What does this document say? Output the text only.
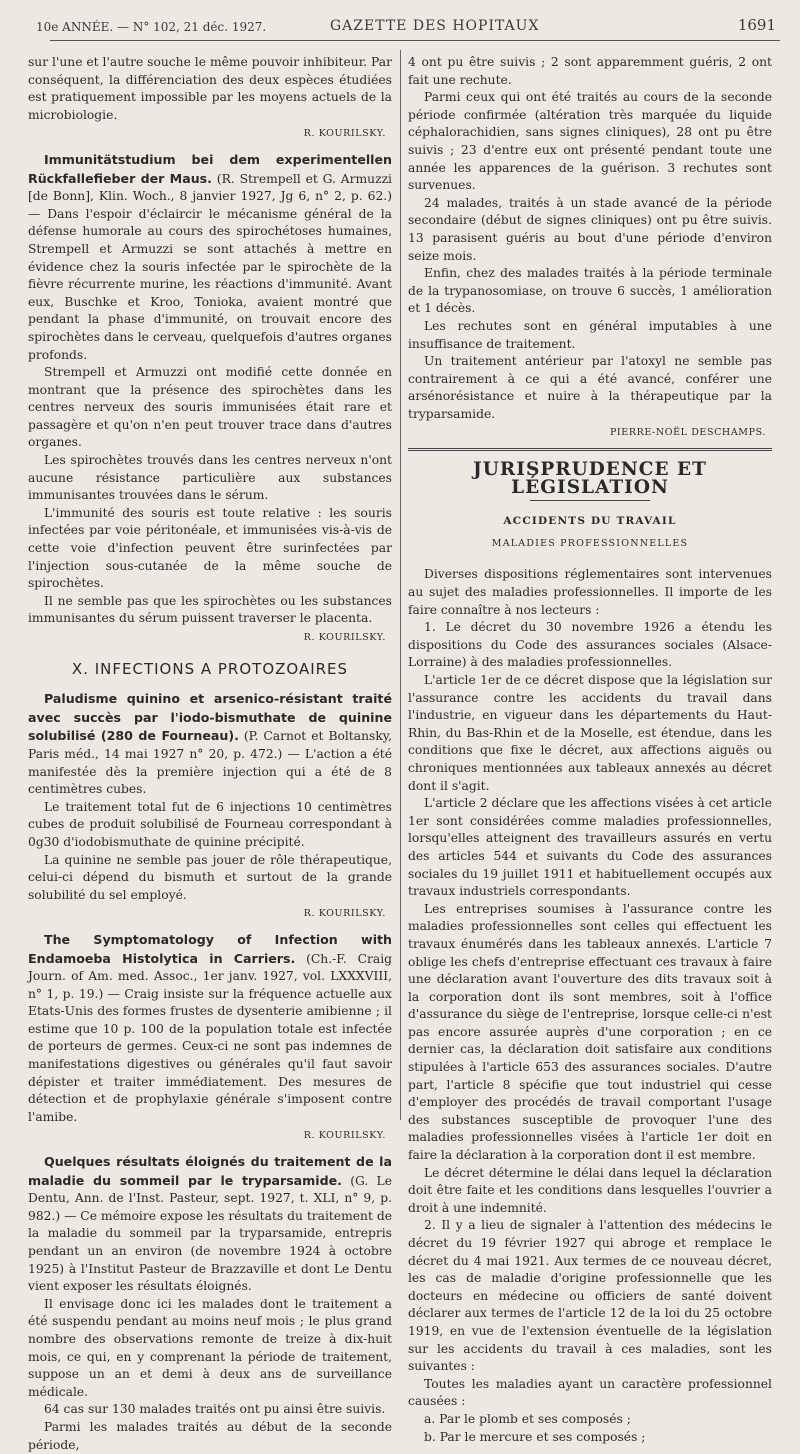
10e ANNÉE. — N° 102, 21 déc. 1927.	GAZETTE DES HOPITAUX	1691

sur l'une et l'autre souche le même pouvoir inhibiteur. Par conséquent, la différenciation des deux espèces étudiées est pratiquement impossible par les moyens actuels de la microbiologie.

R. KOURILSKY.

Immunitätstudium bei dem experimentellen Rückfallefieber der Maus. (R. Strempell et G. Armuzzi [de Bonn], Klin. Woch., 8 janvier 1927, Jg 6, n° 2, p. 62.) — Dans l'espoir d'éclaircir le mécanisme général de la défense humorale au cours des spirochétoses humaines, Strempell et Armuzzi se sont attachés à mettre en évidence chez la souris infectée par le spirochète de la fièvre récurrente murine, les réactions d'immunité. Avant eux, Buschke et Kroo, Tonioka, avaient montré que pendant la phase d'immunité, on trouvait encore des spirochètes dans le cerveau, quelquefois d'autres organes profonds.

Strempell et Armuzzi ont modifié cette donnée en montrant que la présence des spirochètes dans les centres nerveux des souris immunisées était rare et passagère et qu'on n'en peut trouver trace dans d'autres organes.

Les spirochètes trouvés dans les centres nerveux n'ont aucune résistance particulière aux substances immunisantes trouvées dans le sérum.

L'immunité des souris est toute relative : les souris infectées par voie péritonéale, et immunisées vis-à-vis de cette voie d'infection peuvent être surinfectées par l'injection sous-cutanée de la même souche de spirochètes.

Il ne semble pas que les spirochètes ou les substances immunisantes du sérum puissent traverser le placenta.

R. KOURILSKY.
X. INFECTIONS A PROTOZOAIRES

Paludisme quinino et arsenico-résistant traité avec succès par l'iodo-bismuthate de quinine solubilisé (280 de Fourneau). (P. Carnot et Boltansky, Paris méd., 14 mai 1927 n° 20, p. 472.) — L'action a été manifestée dès la première injection qui a été de 8 centimètres cubes.

Le traitement total fut de 6 injections 10 centimètres cubes de produit solubilisé de Fourneau correspondant à 0g30 d'iodobismuthate de quinine précipité.

La quinine ne semble pas jouer de rôle thérapeutique, celui-ci dépend du bismuth et surtout de la grande solubilité du sel employé.

R. KOURILSKY.

The Symptomatology of Infection with Endamoeba Histolytica in Carriers. (Ch.-F. Craig Journ. of Am. med. Assoc., 1er janv. 1927, vol. LXXXVIII, n° 1, p. 19.) — Craig insiste sur la fréquence actuelle aux Etats-Unis des formes frustes de dysenterie amibienne ; il estime que 10 p. 100 de la population totale est infectée de porteurs de germes. Ceux-ci ne sont pas indemnes de manifestations digestives ou générales qu'il faut savoir dépister et traiter immédiatement. Des mesures de détection et de prophylaxie générale s'imposent contre l'amibe.

R. KOURILSKY.

Quelques résultats éloignés du traitement de la maladie du sommeil par le tryparsamide. (G. Le Dentu, Ann. de l'Inst. Pasteur, sept. 1927, t. XLI, n° 9, p. 982.) — Ce mémoire expose les résultats du traitement de la maladie du sommeil par la tryparsamide, entrepris pendant un an environ (de novembre 1924 à octobre 1925) à l'Institut Pasteur de Brazzaville et dont Le Dentu vient exposer les résultats éloignés.

Il envisage donc ici les malades dont le traitement a été suspendu pendant au moins neuf mois ; le plus grand nombre des observations remonte de treize à dix-huit mois, ce qui, en y comprenant la période de traitement, suppose un an et demi à deux ans de surveillance médicale.

64 cas sur 130 malades traités ont pu ainsi être suivis.

Parmi les malades traités au début de la seconde période,

4 ont pu être suivis ; 2 sont apparemment guéris, 2 ont fait une rechute.

Parmi ceux qui ont été traités au cours de la seconde période confirmée (altération très marquée du liquide céphalorachidien, sans signes cliniques), 28 ont pu être suivis ; 23 d'entre eux ont présenté pendant toute une année les apparences de la guérison. 3 rechutes sont survenues.

24 malades, traités à un stade avancé de la période secondaire (début de signes cliniques) ont pu être suivis. 13 parasisent guéris au bout d'une période d'environ seize mois.

Enfin, chez des malades traités à la période terminale de la trypanosomiase, on trouve 6 succès, 1 amélioration et 1 décès.

Les rechutes sont en général imputables à une insuffisance de traitement.

Un traitement antérieur par l'atoxyl ne semble pas contrairement à ce qui a été avancé, conférer une arsénorésistance et nuire à la thérapeutique par la tryparsamide.

PIERRE-NOËL DESCHAMPS.
JURISPRUDENCE ET LÉGISLATION
ACCIDENTS DU TRAVAIL
MALADIES PROFESSIONNELLES

Diverses dispositions réglementaires sont intervenues au sujet des maladies professionnelles. Il importe de les faire connaître à nos lecteurs :

1. Le décret du 30 novembre 1926 a étendu les dispositions du Code des assurances sociales (Alsace-Lorraine) à des maladies professionnelles.

L'article 1er de ce décret dispose que la législation sur l'assurance contre les accidents du travail dans l'industrie, en vigueur dans les départements du Haut-Rhin, du Bas-Rhin et de la Moselle, est étendue, dans les conditions que fixe le décret, aux affections aiguës ou chroniques mentionnées aux tableaux annexés au décret dont il s'agit.

L'article 2 déclare que les affections visées à cet article 1er sont considérées comme maladies professionnelles, lorsqu'elles atteignent des travailleurs assurés en vertu des articles 544 et suivants du Code des assurances sociales du 19 juillet 1911 et habituellement occupés aux travaux industriels correspondants.

Les entreprises soumises à l'assurance contre les maladies professionnelles sont celles qui effectuent les travaux énumérés dans les tableaux annexés. L'article 7 oblige les chefs d'entreprise effectuant ces travaux à faire une déclaration avant l'ouverture des dits travaux soit à la corporation dont ils sont membres, soit à l'office d'assurance du siège de l'entreprise, lorsque celle-ci n'est pas encore assurée auprès d'une corporation ; en ce dernier cas, la déclaration doit satisfaire aux conditions stipulées à l'article 653 des assurances sociales. D'autre part, l'article 8 spécifie que tout industriel qui cesse d'employer des procédés de travail comportant l'usage des substances susceptible de provoquer l'une des maladies professionnelles visées à l'article 1er doit en faire la déclaration à la corporation dont il est membre.

Le décret détermine le délai dans lequel la déclaration doit être faite et les conditions dans lesquelles l'ouvrier a droit à une indemnité.

2. Il y a lieu de signaler à l'attention des médecins le décret du 19 février 1927 qui abroge et remplace le décret du 4 mai 1921. Aux termes de ce nouveau décret, les cas de maladie d'origine professionnelle que les docteurs en médecine ou officiers de santé doivent déclarer aux termes de l'article 12 de la loi du 25 octobre 1919, en vue de l'extension éventuelle de la législation sur les accidents du travail à ces maladies, sont les suivantes :

Toutes les maladies ayant un caractère professionnel causées :

a. Par le plomb et ses composés ;

b. Par le mercure et ses composés ;
